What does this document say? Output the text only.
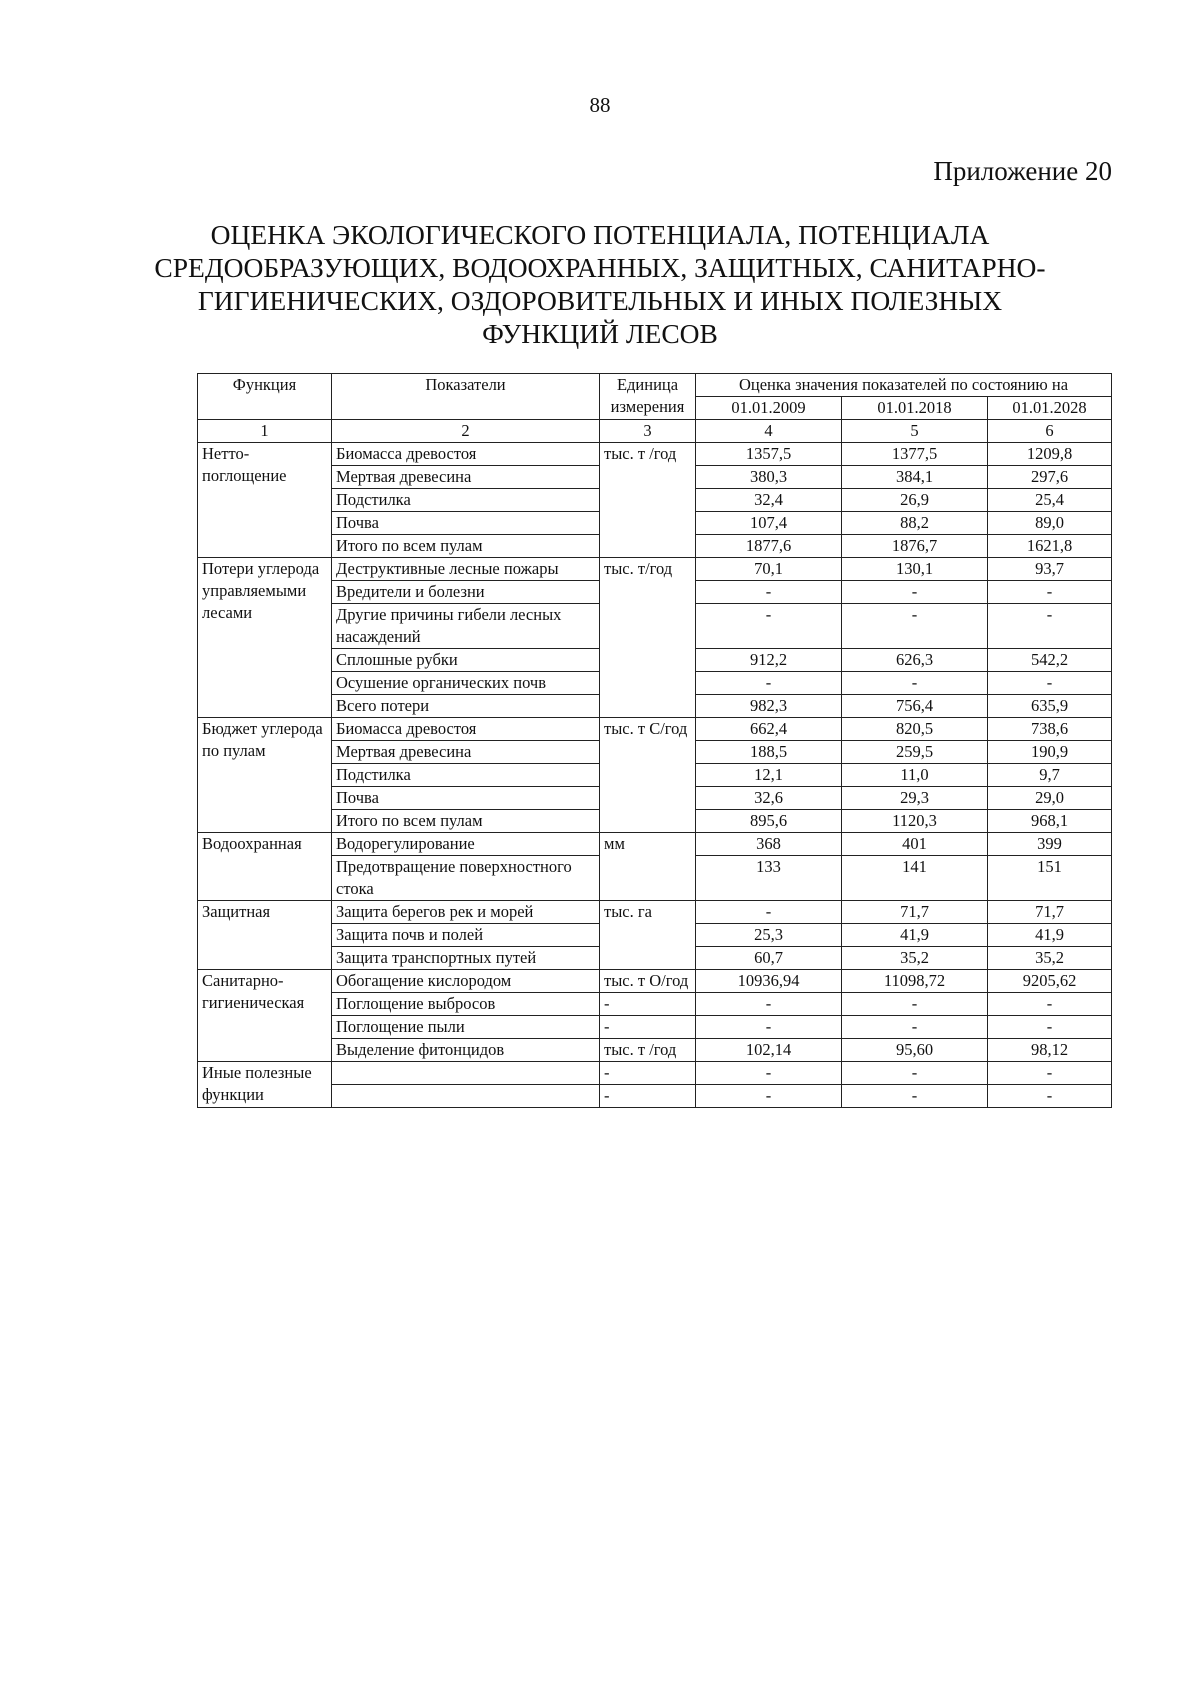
88
Приложение 20
ОЦЕНКА ЭКОЛОГИЧЕСКОГО ПОТЕНЦИАЛА, ПОТЕНЦИАЛА
СРЕДООБРАЗУЮЩИХ, ВОДООХРАННЫХ, ЗАЩИТНЫХ, САНИТАРНО-
ГИГИЕНИЧЕСКИХ, ОЗДОРОВИТЕЛЬНЫХ И ИНЫХ ПОЛЕЗНЫХ
ФУНКЦИЙ ЛЕСОВ
Функция	Показатели	Единица измерения	Оценка значения показателей по состоянию на		
			01.01.2009	01.01.2018	01.01.2028
1	2	3	4	5	6
Нетто-поглощение	Биомасса древостоя	тыс. т /год	1357,5	1377,5	1209,8
	Мертвая древесина		380,3	384,1	297,6
	Подстилка		32,4	26,9	25,4
	Почва		107,4	88,2	89,0
	Итого по всем пулам		1877,6	1876,7	1621,8
Потери углерода управляемыми лесами	Деструктивные лесные пожары	тыс. т/год	70,1	130,1	93,7
	Вредители и болезни		-	-	-
	Другие причины гибели лесных насаждений		-	-	-
	Сплошные рубки		912,2	626,3	542,2
	Осушение органических почв		-	-	-
	Всего потери		982,3	756,4	635,9
Бюджет углерода по пулам	Биомасса древостоя	тыс. т С/год	662,4	820,5	738,6
	Мертвая древесина		188,5	259,5	190,9
	Подстилка		12,1	11,0	9,7
	Почва		32,6	29,3	29,0
	Итого по всем пулам		895,6	1120,3	968,1
Водоохранная	Водорегулирование	мм	368	401	399
	Предотвращение поверхностного стока		133	141	151
Защитная	Защита берегов рек и морей	тыс. га	-	71,7	71,7
	Защита почв и полей		25,3	41,9	41,9
	Защита транспортных путей		60,7	35,2	35,2
Санитарно-гигиеническая	Обогащение кислородом	тыс. т О/год	10936,94	11098,72	9205,62
	Поглощение выбросов	-	-	-	-
	Поглощение пыли	-	-	-	-
	Выделение фитонцидов	тыс. т /год	102,14	95,60	98,12
Иные полезные функции		-	-	-	-
		-	-	-	-
